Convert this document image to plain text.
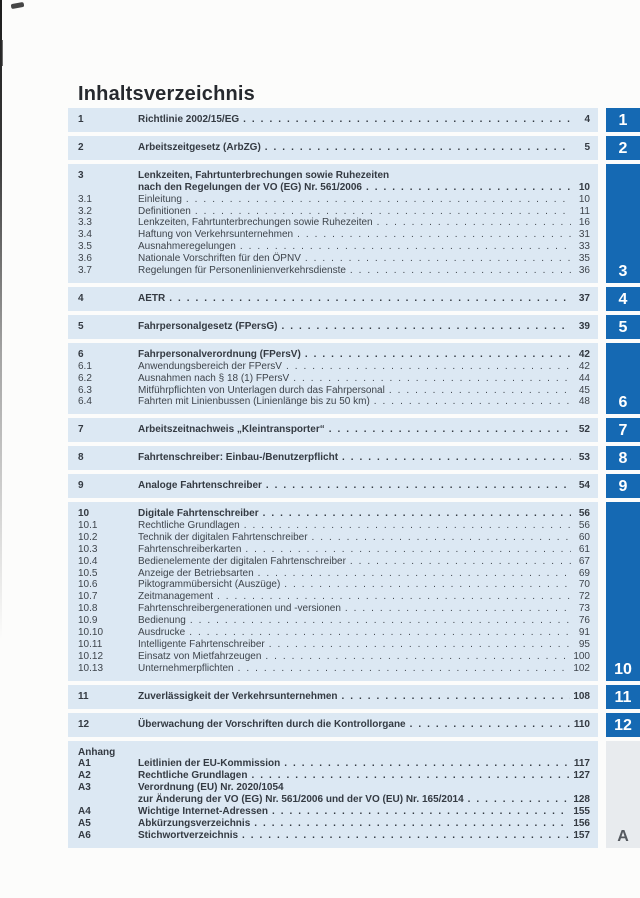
Inhaltsverzeichnis
1	Richtlinie 2002/15/EG . . .	4 1
2	Arbeitszeitgesetz (ArbZG) . . .	5 2
3	Lenkzeiten, Fahrtunterbrechungen sowie Ruhezeiten
nach den Regelungen der VO (EG) Nr. 561/2006 . . .	10
3.1	Einleitung . . .	10
3.2	Definitionen . . .	11
3.3	Lenkzeiten, Fahrtunterbrechungen sowie Ruhezeiten . . .	16
3.4	Haftung von Verkehrsunternehmen . . .	31
3.5	Ausnahmeregelungen . . .	33
3.6	Nationale Vorschriften für den ÖPNV . . .	35
3.7	Regelungen für Personenlinienverkehrsdienste . . .	36 3
4	AETR . . .	37 4
5	Fahrpersonalgesetz (FPersG) . . .	39 5
6	Fahrpersonalverordnung (FPersV) . . .	42
6.1	Anwendungsbereich der FPersV . . .	42
6.2	Ausnahmen nach § 18 (1) FPersV . . .	44
6.3	Mitführpflichten von Unterlagen durch das Fahrpersonal . . .	45
6.4	Fahrten mit Linienbussen (Linienlänge bis zu 50 km) . . .	48 6
7	Arbeitszeitnachweis „Kleintransporter“ . . .	52 7
8	Fahrtenschreiber: Einbau-/Benutzerpflicht . . .	53 8
9	Analoge Fahrtenschreiber . . .	54 9
10	Digitale Fahrtenschreiber . . .	56
10.1	Rechtliche Grundlagen . . .	56
10.2	Technik der digitalen Fahrtenschreiber . . .	60
10.3	Fahrtenschreiberkarten . . .	61
10.4	Bedienelemente der digitalen Fahrtenschreiber . . .	67
10.5	Anzeige der Betriebsarten . . .	69
10.6	Piktogrammübersicht (Auszüge) . . .	70
10.7	Zeitmanagement . . .	72
10.8	Fahrtenschreibergenerationen und -versionen . . .	73
10.9	Bedienung . . .	76
10.10	Ausdrucke . . .	91
10.11	Intelligente Fahrtenschreiber . . .	95
10.12	Einsatz von Mietfahrzeugen . . .	100
10.13	Unternehmerpflichten . . .	102 10
11	Zuverlässigkeit der Verkehrsunternehmen . . .	108 11
12	Überwachung der Vorschriften durch die Kontrollorgane . . .	110 12
Anhang
A1	Leitlinien der EU-Kommission . . .	117
A2	Rechtliche Grundlagen . . .	127
A3	Verordnung (EU) Nr. 2020/1054
zur Änderung der VO (EG) Nr. 561/2006 und der VO (EU) Nr. 165/2014 . . .	128
A4	Wichtige Internet-Adressen . . .	155
A5	Abkürzungsverzeichnis . . .	156
A6	Stichwortverzeichnis . . .	157 A
